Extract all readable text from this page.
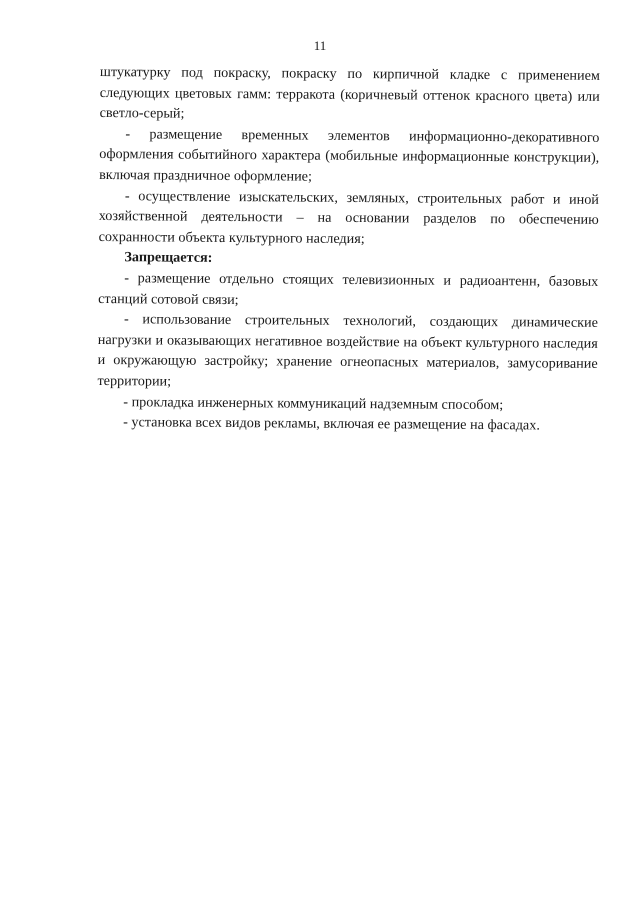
11

штукатурку под покраску, покраску по кирпичной кладке с применением следующих цветовых гамм: терракота (коричневый оттенок красного цвета) или светло-серый;

- размещение временных элементов информационно-декоративного оформления событийного характера (мобильные информационные конструкции), включая праздничное оформление;

- осуществление изыскательских, земляных, строительных работ и иной хозяйственной деятельности – на основании разделов по обеспечению сохранности объекта культурного наследия;

Запрещается:

- размещение отдельно стоящих телевизионных и радиоантенн, базовых станций сотовой связи;

- использование строительных технологий, создающих динамические нагрузки и оказывающих негативное воздействие на объект культурного наследия и окружающую застройку; хранение огнеопасных материалов, замусоривание территории;

- прокладка инженерных коммуникаций надземным способом;

- установка всех видов рекламы, включая ее размещение на фасадах.
